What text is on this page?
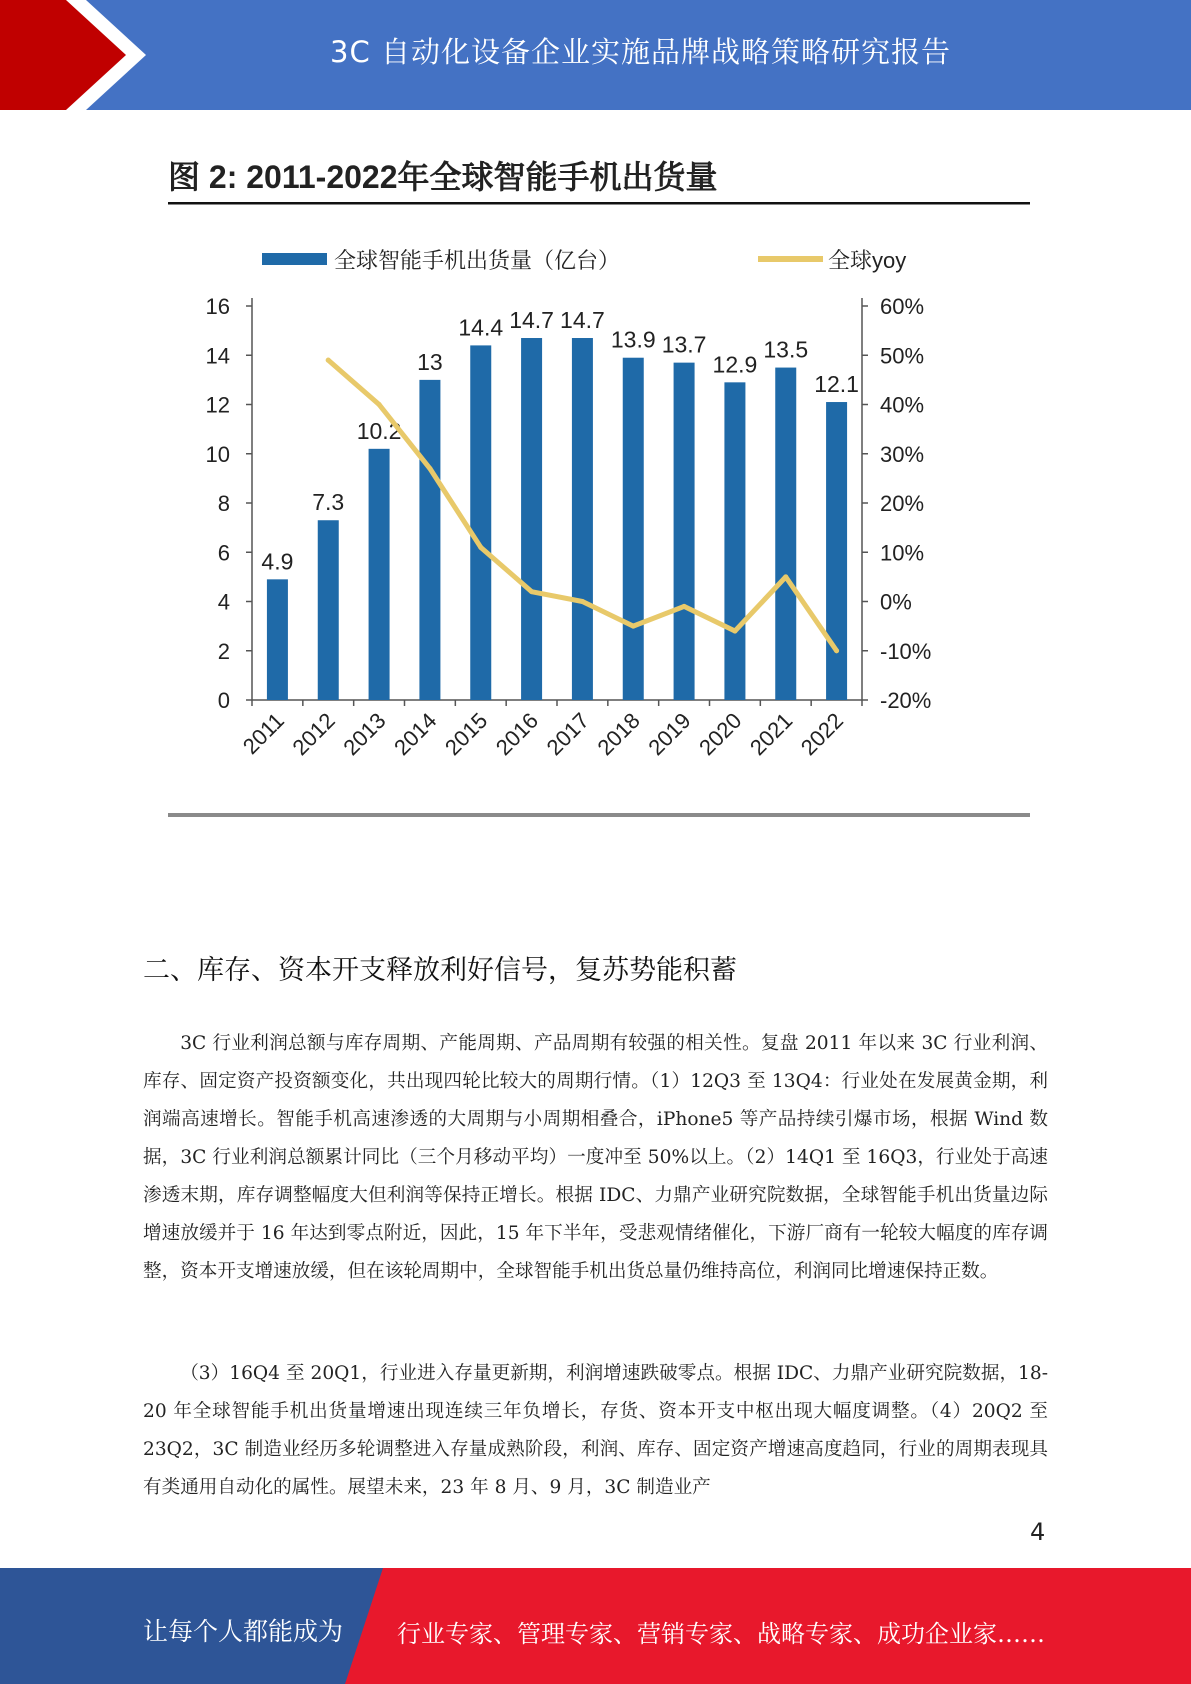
3C 自动化设备企业实施品牌战略策略研究报告
图 2: 2011-2022年全球智能手机出货量
全球智能手机出货量（亿台）	全球yoy
0
2
4
6
8
10
12
14
16
-20%
-10%
0%
10%
20%
30%
40%
50%
60%
4.9
7.3
10.2
13
14.4 14.7 14.7
13.9 13.7
12.9
13.5
12.1
2011
2012
2013
2014
2015
2016
2017
2018
2019
2020
2021
2022
二、库存、资本开支释放利好信号，复苏势能积蓄

3C 行业利润总额与库存周期、产能周期、产品周期有较强的相关性。复盘 2011 年以来 3C 行业利润、库存、固定资产投资额变化，共出现四轮比较大的周期行情。（1）12Q3 至 13Q4：行业处在发展黄金期，利润端高速增长。智能手机高速渗透的大周期与小周期相叠合，iPhone5 等产品持续引爆市场，根据 Wind 数据，3C 行业利润总额累计同比（三个月移动平均）一度冲至 50%以上。（2）14Q1 至 16Q3，行业处于高速渗透末期，库存调整幅度大但利润等保持正增长。根据 IDC、力鼎产业研究院数据，全球智能手机出货量边际增速放缓并于 16 年达到零点附近，因此，15 年下半年，受悲观情绪催化，下游厂商有一轮较大幅度的库存调整，资本开支增速放缓，但在该轮周期中，全球智能手机出货总量仍维持高位，利润同比增速保持正数。

（3）16Q4 至 20Q1，行业进入存量更新期，利润增速跌破零点。根据 IDC、力鼎产业研究院数据，18-20 年全球智能手机出货量增速出现连续三年负增长，存货、资本开支中枢出现大幅度调整。（4）20Q2 至 23Q2，3C 制造业经历多轮调整进入存量成熟阶段，利润、库存、固定资产增速高度趋同，行业的周期表现具有类通用自动化的属性。展望未来，23 年 8 月、9 月，3C 制造业产

4
让每个人都能成为 行业专家、管理专家、营销专家、战略专家、成功企业家……
